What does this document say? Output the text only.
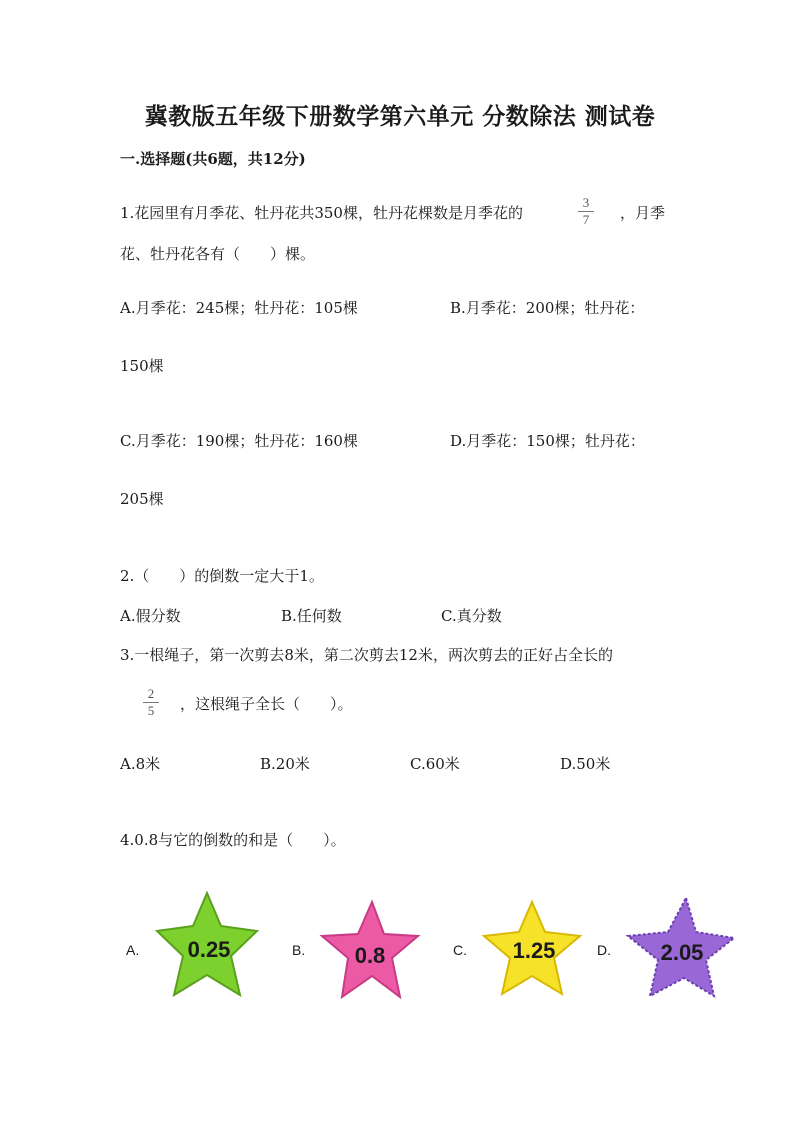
冀教版五年级下册数学第六单元 分数除法 测试卷
一.选择题(共6题，共12分)
1.花园里有月季花、牡丹花共350棵，牡丹花棵数是月季花的
3
7	，月季
花、牡丹花各有（　　）棵。
A.月季花：245棵；牡丹花：105棵	B.月季花：200棵；牡丹花：
150棵
C.月季花：190棵；牡丹花：160棵	D.月季花：150棵；牡丹花：
205棵
2.（　　）的倒数一定大于1。
A.假分数	B.任何数	C.真分数
3.一根绳子，第一次剪去8米，第二次剪去12米，两次剪去的正好占全长的
2
5	，这根绳子全长（　　）。
A.8米	B.20米	C.60米	D.50米
4.0.8与它的倒数的和是（　　）。
A. 0.25	B. 0.8	C. 1.25	D. 2.05
